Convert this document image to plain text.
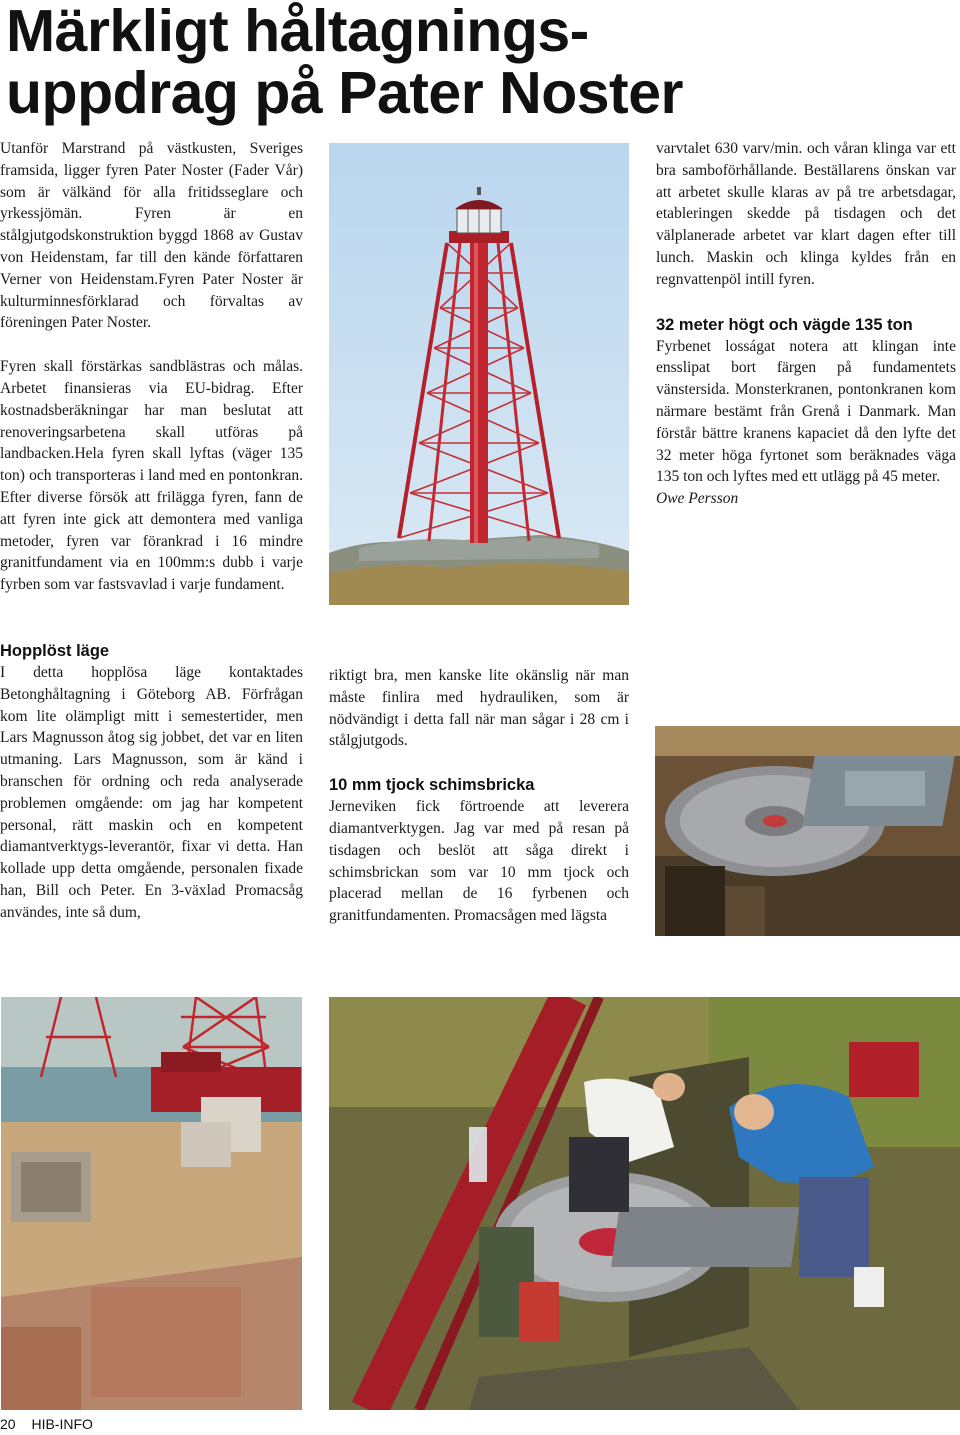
Märkligt håltagnings-
uppdrag på Pater Noster

Utanför Marstrand på västkusten, Sveriges framsida, ligger fyren Pater Noster (Fader Vår) som är välkänd för alla fritidsseglare och yrkessjömän. Fyren är en stålgjutgodskonstruktion byggd 1868 av Gustav von Heidenstam, far till den kände författaren Verner von Heidenstam.Fyren Pater Noster är kulturminnesförklarad och förvaltas av föreningen Pater Noster.

Fyren skall förstärkas sandblästras och målas. Arbetet finansieras via EU-bidrag. Efter kostnadsberäkningar har man beslutat att renoveringsarbetena skall utföras på landbacken.Hela fyren skall lyftas (väger 135 ton) och transporteras i land med en pontonkran. Efter diverse försök att frilägga fyren, fann de att fyren inte gick att demontera med vanliga metoder, fyren var förankrad i 16 mindre granitfundament via en 100mm:s dubb i varje fyrben som var fastsvavlad i varje fundament.

varvtalet 630 varv/min. och våran klinga var ett bra samboförhållande. Beställarens önskan var att arbetet skulle klaras av på tre arbetsdagar, etableringen skedde på tisdagen och det välplanerade arbetet var klart dagen efter till lunch. Maskin och klinga kyldes från en regnvattenpöl intill fyren.

32 meter högt och vägde 135 ton

Fyrbenet losságat notera att klingan inte ensslipat bort färgen på fundamentets vänstersida. Monsterkranen, pontonkranen kom närmare bestämt från Grenå i Danmark. Man förstår bättre kranens kapaciet då den lyfte det 32 meter höga fyrtonet som beräknades väga 135 ton och lyftes med ett utlägg på 45 meter.

Owe Persson

Hopplöst läge

I detta hopplösa läge kontaktades Betonghåltagning i Göteborg AB. Förfrågan kom lite olämpligt mitt i semestertider, men Lars Magnusson åtog sig jobbet, det var en liten utmaning. Lars Magnusson, som är känd i branschen för ordning och reda analyserade problemen omgående: om jag har kompetent personal, rätt maskin och en kompetent diamantverktygs-leverantör, fixar vi detta. Han kollade upp detta omgående, personalen fixade han, Bill och Peter. En 3-växlad Promacsåg användes, inte så dum,

riktigt bra, men kanske lite okänslig när man måste finlira med hydrauliken, som är nödvändigt i detta fall när man sågar i 28 cm i stålgjutgods.

10 mm tjock schimsbricka

Jerneviken fick förtroende att leverera diamantverktygen. Jag var med på resan på tisdagen och beslöt att såga direkt i schimsbrickan som var 10 mm tjock och placerad mellan de 16 fyrbenen och granitfundamenten. Promacsågen med lägsta

20 HIB-INFO
